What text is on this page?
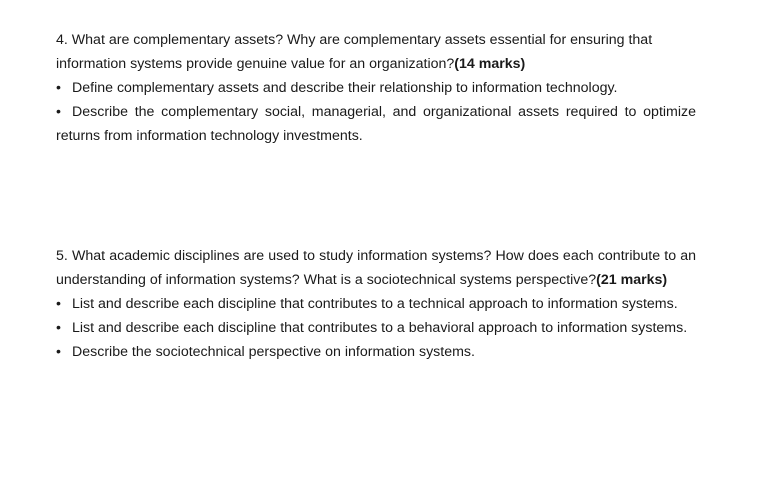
4. What are complementary assets? Why are complementary assets essential for ensuring that information systems provide genuine value for an organization?(14 marks)

• Define complementary assets and describe their relationship to information technology.

• Describe the complementary social, managerial, and organizational assets required to optimize returns from information technology investments.

5. What academic disciplines are used to study information systems? How does each contribute to an understanding of information systems? What is a sociotechnical systems perspective?(21 marks)

• List and describe each discipline that contributes to a technical approach to information systems.

• List and describe each discipline that contributes to a behavioral approach to information systems.

• Describe the sociotechnical perspective on information systems.
